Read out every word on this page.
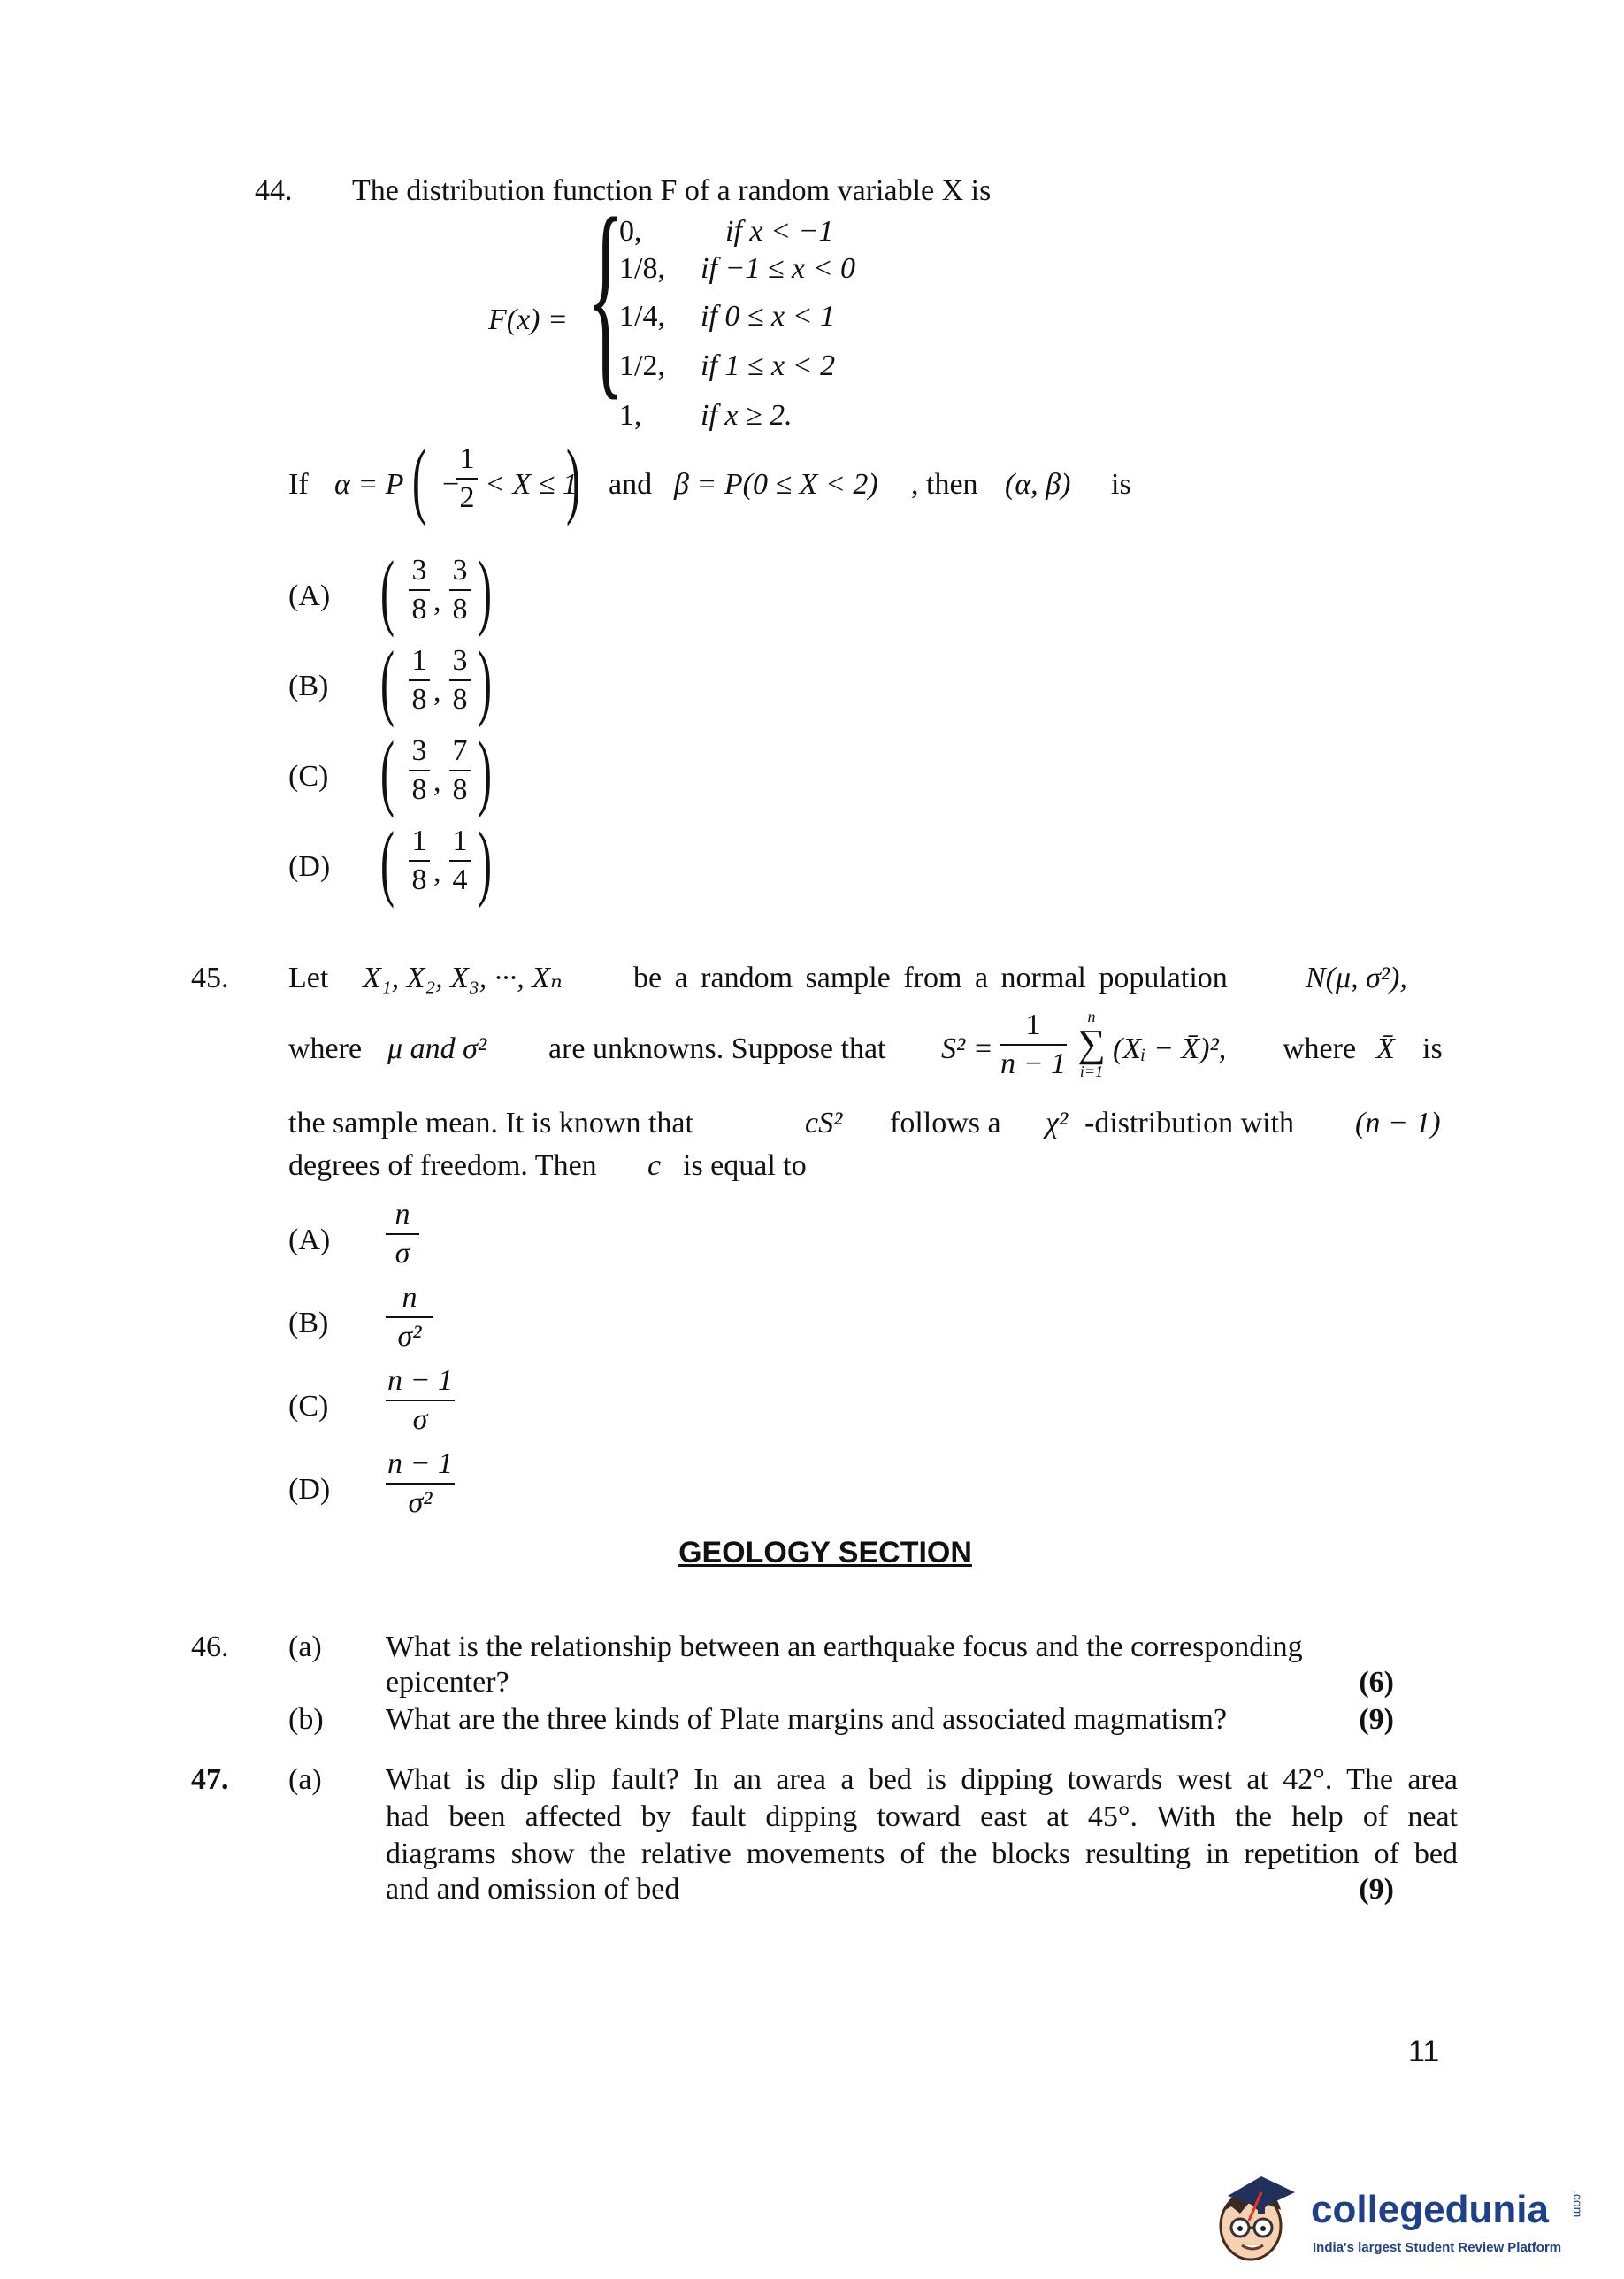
44. The distribution function F of a random variable X is
F(x) = {
0,	if x < −1
1/8, if −1 ≤ x < 0
1/4, if 0 ≤ x < 1
1/2, if 1 ≤ x < 2
1, if x ≥ 2.
If α = P ( −
1
2 < X ≤ 1
) and β = P(0 ≤ X < 2) , then (α, β) is
(A) ( 3
8 ,
3
8 )
(B) ( 1
8 ,
3
8 )
(C) ( 3
8 ,
7
8 )
(D) ( 1
8 ,
1
4 )
45. Let X₁, X₂, X₃, ···, Xₙ be a random sample from a normal population	N(μ, σ²),
where μ and σ² are unknowns. Suppose that S² =
1
n − 1
n
∑
i=1
(Xᵢ − X̄)², where X̄ is
the sample mean. It is known that	cS² follows a χ² -distribution with (n − 1)
degrees of freedom. Then c is equal to
(A)
n
σ
(B)
n
σ²
(C)
n − 1
σ
(D)
n − 1
σ²
GEOLOGY SECTION
46. (a) What is the relationship between an earthquake focus and the corresponding
epicenter?	(6)
(b) What are the three kinds of Plate margins and associated magmatism?	(9)
47. (a) What is dip slip fault? In an area a bed is dipping towards west at 42°. The area
had been affected by fault dipping toward east at 45°. With the help of neat
diagrams show the relative movements of the blocks resulting in repetition of bed
and and omission of bed	(9)
11
collegedunia .com
India's largest Student Review Platform
